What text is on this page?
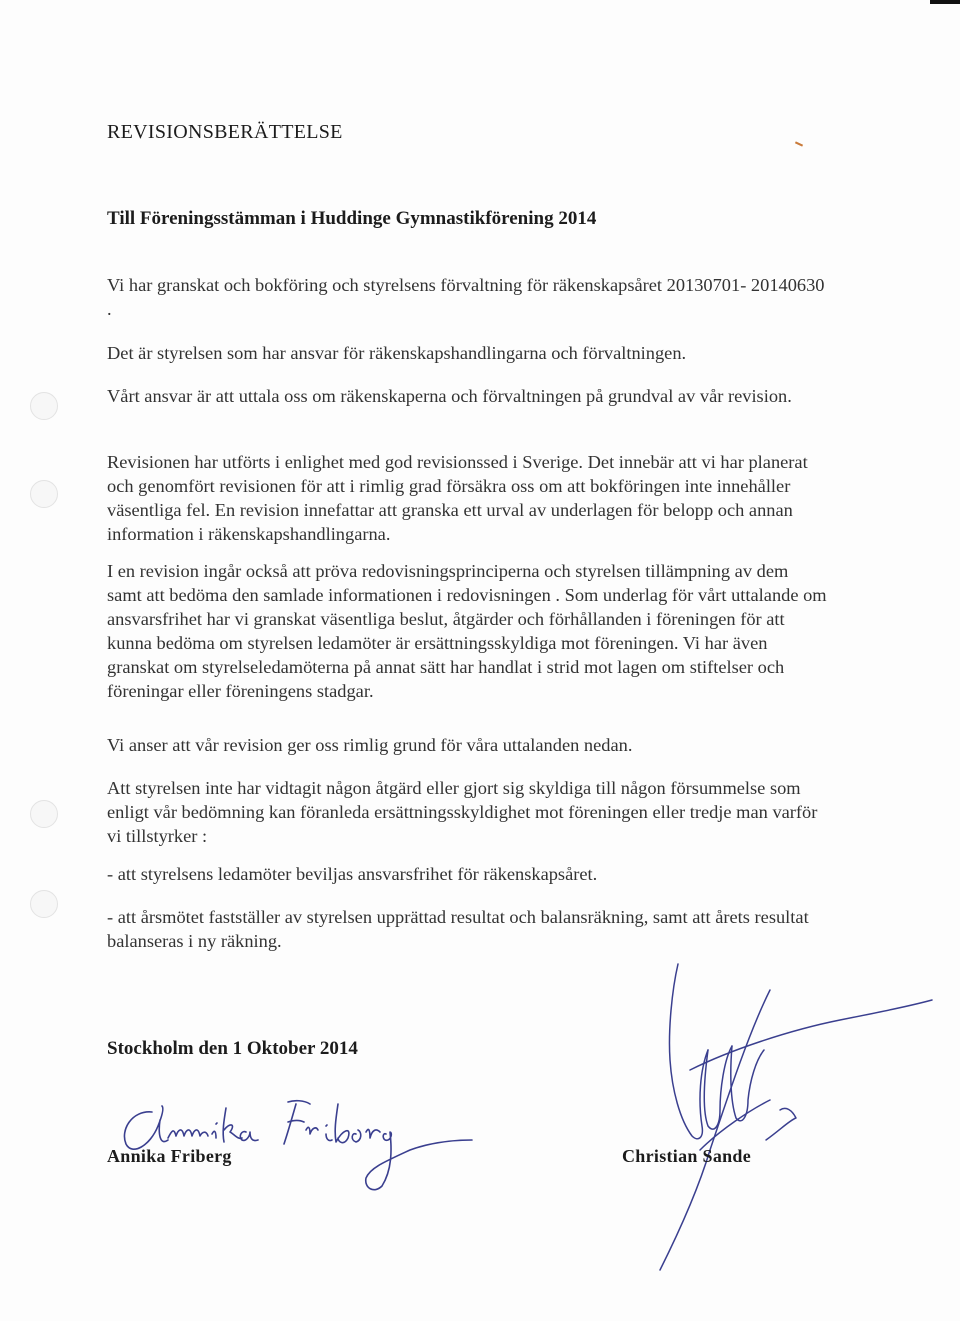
REVISIONSBERÄTTELSE
Till Föreningsstämman i Huddinge Gymnastikförening 2014

Vi har granskat och bokföring och styrelsens förvaltning för räkenskapsåret 20130701- 20140630 .

Det är styrelsen som har ansvar för räkenskapshandlingarna och förvaltningen.

Vårt ansvar är att uttala oss om räkenskaperna och förvaltningen på grundval av vår revision.

Revisionen har utförts i enlighet med god revisionssed i Sverige. Det innebär att vi har planerat och genomfört revisionen för att i rimlig grad försäkra oss om att bokföringen inte innehåller väsentliga fel. En revision innefattar att granska ett urval av underlagen för belopp och annan information i räkenskapshandlingarna.

I en revision ingår också att pröva redovisningsprinciperna och styrelsen tillämpning av dem samt att bedöma den samlade informationen i redovisningen . Som underlag för vårt uttalande om ansvarsfrihet har vi granskat väsentliga beslut, åtgärder och förhållanden i föreningen för att kunna bedöma om styrelsen ledamöter är ersättningsskyldiga mot föreningen. Vi har även granskat om styrelseledamöterna på annat sätt har handlat i strid mot lagen om stiftelser och föreningar eller föreningens stadgar.

Vi anser att vår revision ger oss rimlig grund för våra uttalanden nedan.

Att styrelsen inte har vidtagit någon åtgärd eller gjort sig skyldiga till någon försummelse som enligt vår bedömning kan föranleda ersättningsskyldighet mot föreningen eller tredje man varför vi tillstyrker :

- att styrelsens ledamöter beviljas ansvarsfrihet för räkenskapsåret.

- att årsmötet fastställer av styrelsen upprättad resultat och balansräkning, samt att årets resultat balanseras i ny räkning.

Stockholm den 1 Oktober 2014

Annika Friberg	Christian Sande
